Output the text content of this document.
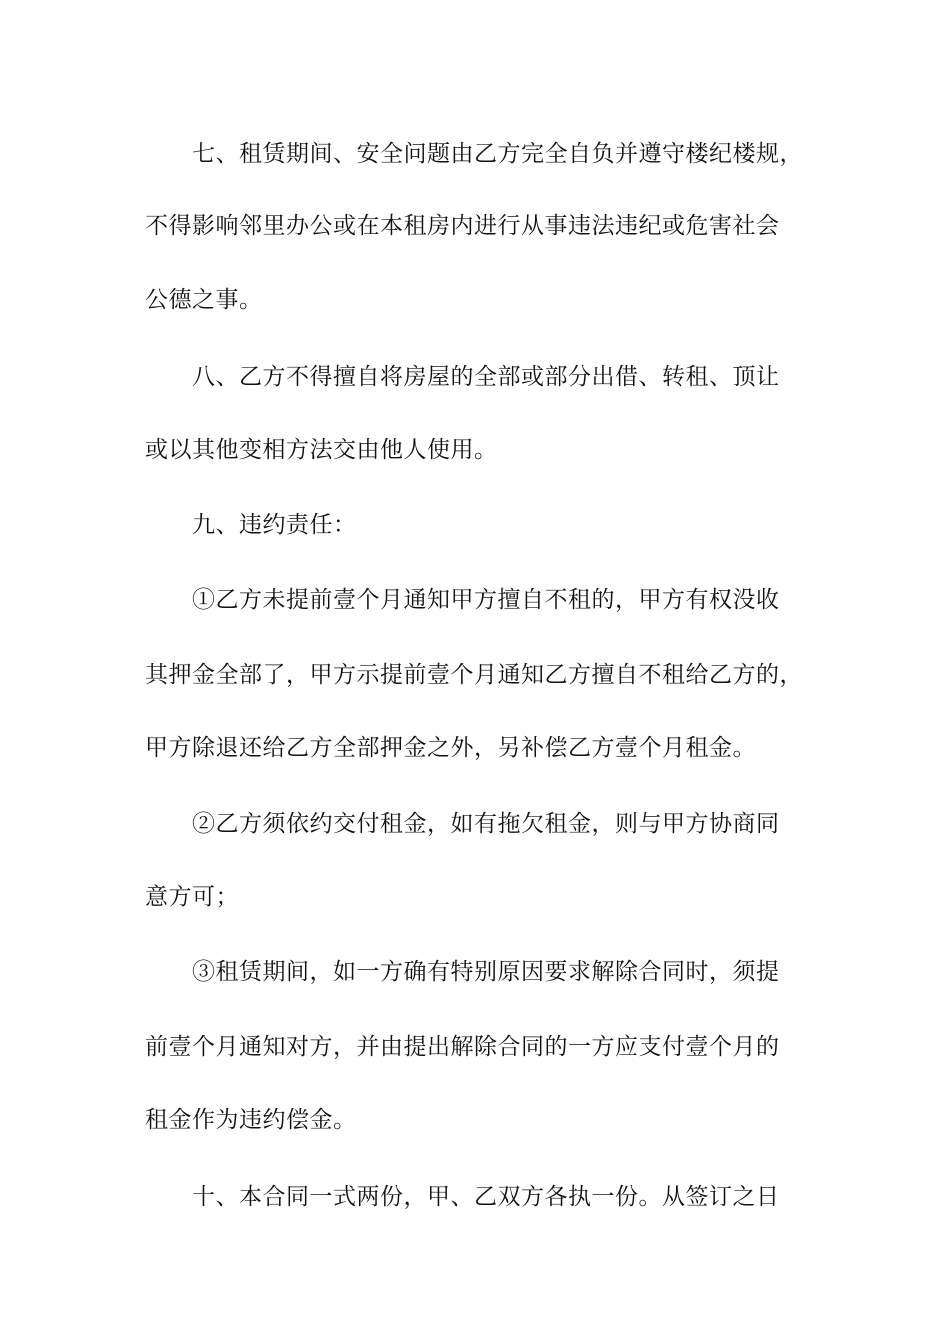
七、租赁期间、安全问题由乙方完全自负并遵守楼纪楼规，
不得影响邻里办公或在本租房内进行从事违法违纪或危害社会
公德之事。
八、乙方不得擅自将房屋的全部或部分出借、转租、顶让
或以其他变相方法交由他人使用。
九、违约责任：
①乙方未提前壹个月通知甲方擅自不租的，甲方有权没收
其押金全部了，甲方示提前壹个月通知乙方擅自不租给乙方的，
甲方除退还给乙方全部押金之外，另补偿乙方壹个月租金。
②乙方须依约交付租金，如有拖欠租金，则与甲方协商同
意方可；
③租赁期间，如一方确有特别原因要求解除合同时，须提
前壹个月通知对方，并由提出解除合同的一方应支付壹个月的
租金作为违约偿金。
十、本合同一式两份，甲、乙双方各执一份。从签订之日
